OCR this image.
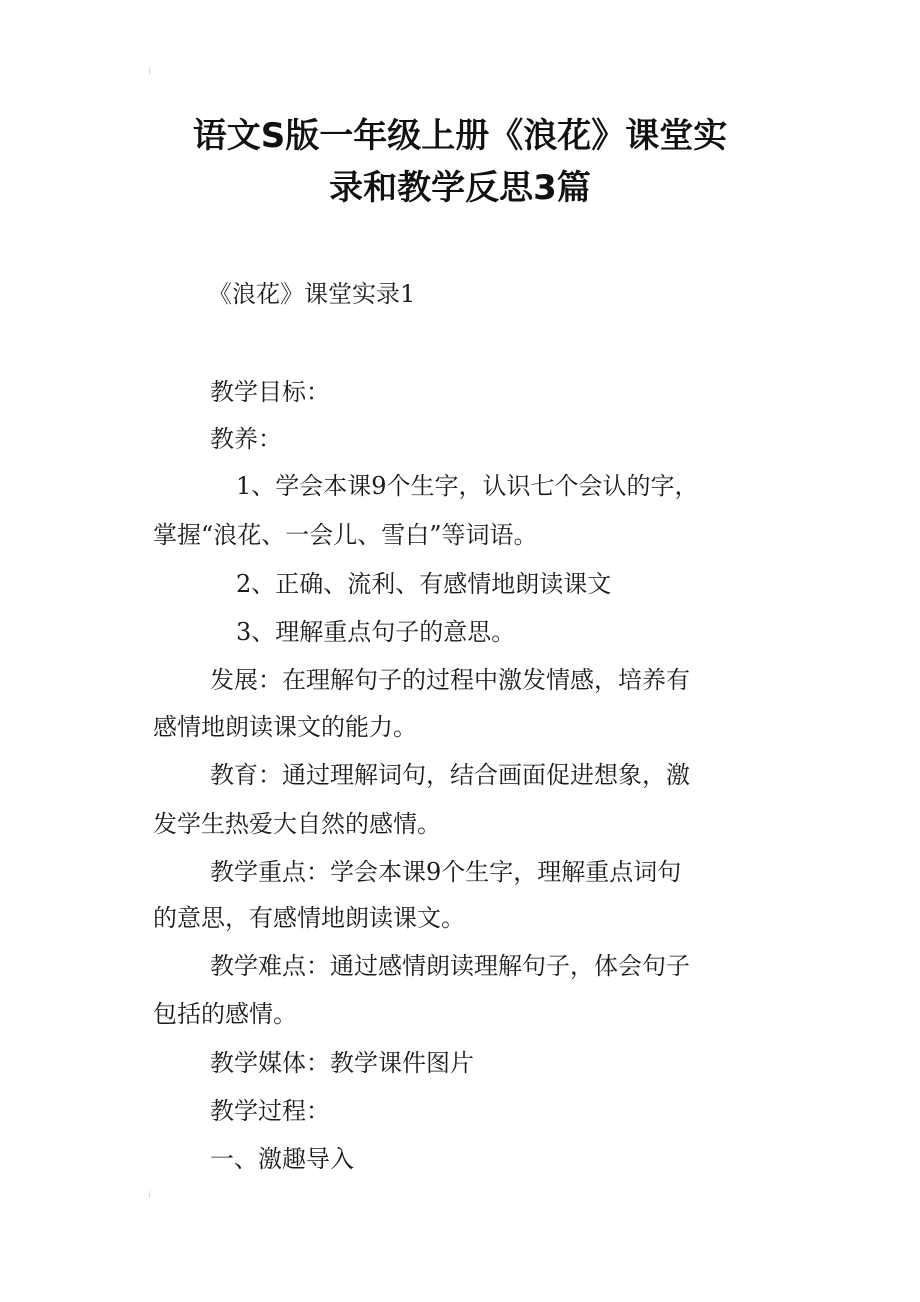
⁞
⁞
语文S版一年级上册《浪花》课堂实
录和教学反思3篇
《浪花》课堂实录1
教学目标：
教养：
1、学会本课9个生字，认识七个会认的字，
掌握“浪花、一会儿、雪白”等词语。
2、正确、流利、有感情地朗读课文
3、理解重点句子的意思。
发展：在理解句子的过程中激发情感，培养有
感情地朗读课文的能力。
教育：通过理解词句，结合画面促进想象，激
发学生热爱大自然的感情。
教学重点：学会本课9个生字，理解重点词句
的意思，有感情地朗读课文。
教学难点：通过感情朗读理解句子，体会句子
包括的感情。
教学媒体：教学课件图片
教学过程：
一、激趣导入
